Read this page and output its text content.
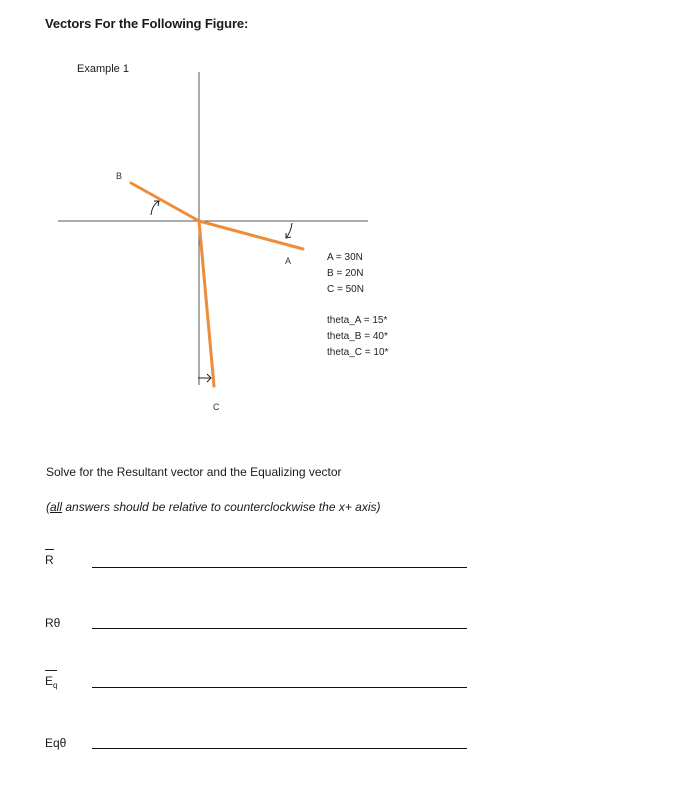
Vectors For the Following Figure:
Example 1
B
A
C
A = 30N
B = 20N
C = 50N
theta_A = 15*
theta_B = 40*
theta_C = 10*
Solve for the Resultant vector and the Equalizing vector
(all answers should be relative to counterclockwise the x+ axis)
R
Rθ
$E_q$
Eqθ
